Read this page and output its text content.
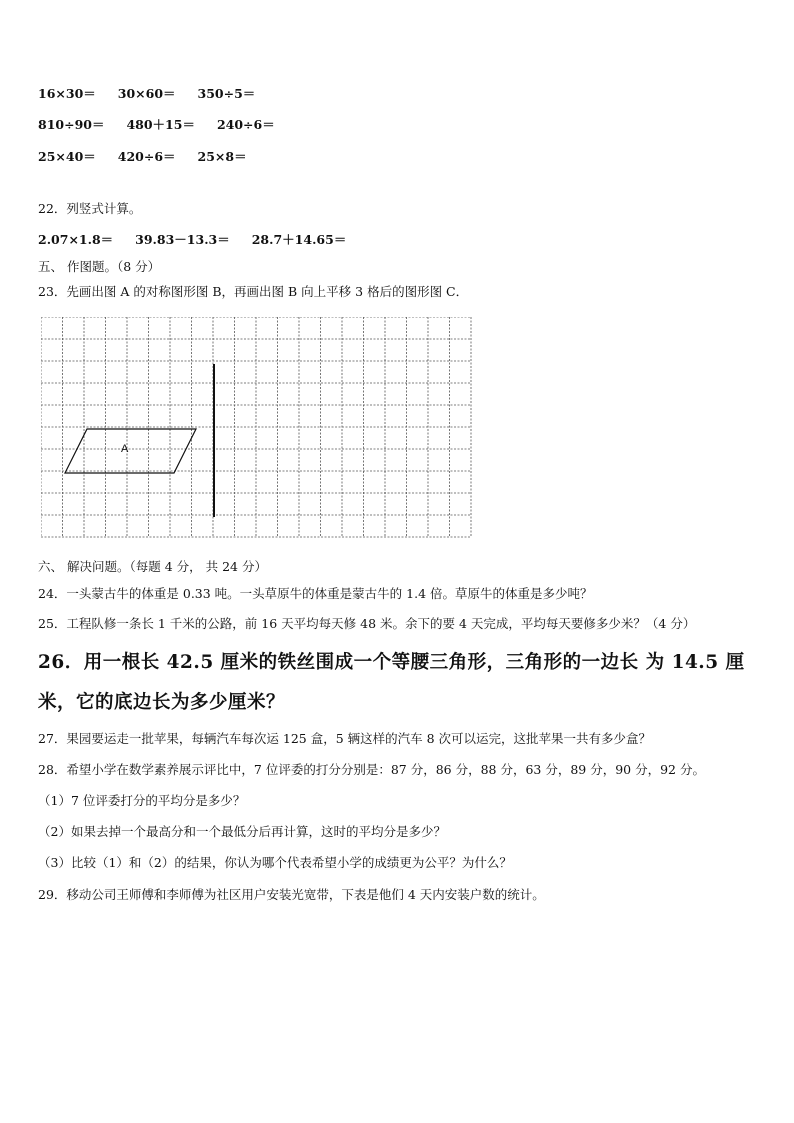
16×30＝ 30×60＝ 350÷5＝
810÷90＝ 480＋15＝ 240÷6＝
25×40＝ 420÷6＝ 25×8＝
22．列竖式计算。
2.07×1.8＝ 39.83－13.3＝ 28.7＋14.65＝
五、 作图题。（8 分）
23．先画出图 A 的对称图形图 B，再画出图 B 向上平移 3 格后的图形图 C．
A
六、 解决问题。（每题 4 分， 共 24 分）
24．一头蒙古牛的体重是 0.33 吨。一头草原牛的体重是蒙古牛的 1.4 倍。草原牛的体重是多少吨？
25．工程队修一条长 1 千米的公路，前 16 天平均每天修 48 米。余下的要 4 天完成，平均每天要修多少米？（4 分）
26．用一根长 42.5 厘米的铁丝围成一个等腰三角形，三角形的一边长 为 14.5 厘
米，它的底边长为多少厘米？
27．果园要运走一批苹果，每辆汽车每次运 125 盒，5 辆这样的汽车 8 次可以运完，这批苹果一共有多少盒？
28．希望小学在数学素养展示评比中，7 位评委的打分分别是：87 分，86 分，88 分，63 分，89 分，90 分，92 分。
（1）7 位评委打分的平均分是多少？
（2）如果去掉一个最高分和一个最低分后再计算，这时的平均分是多少？
（3）比较（1）和（2）的结果，你认为哪个代表希望小学的成绩更为公平？为什么？
29．移动公司王师傅和李师傅为社区用户安装光宽带，下表是他们 4 天内安装户数的统计。
